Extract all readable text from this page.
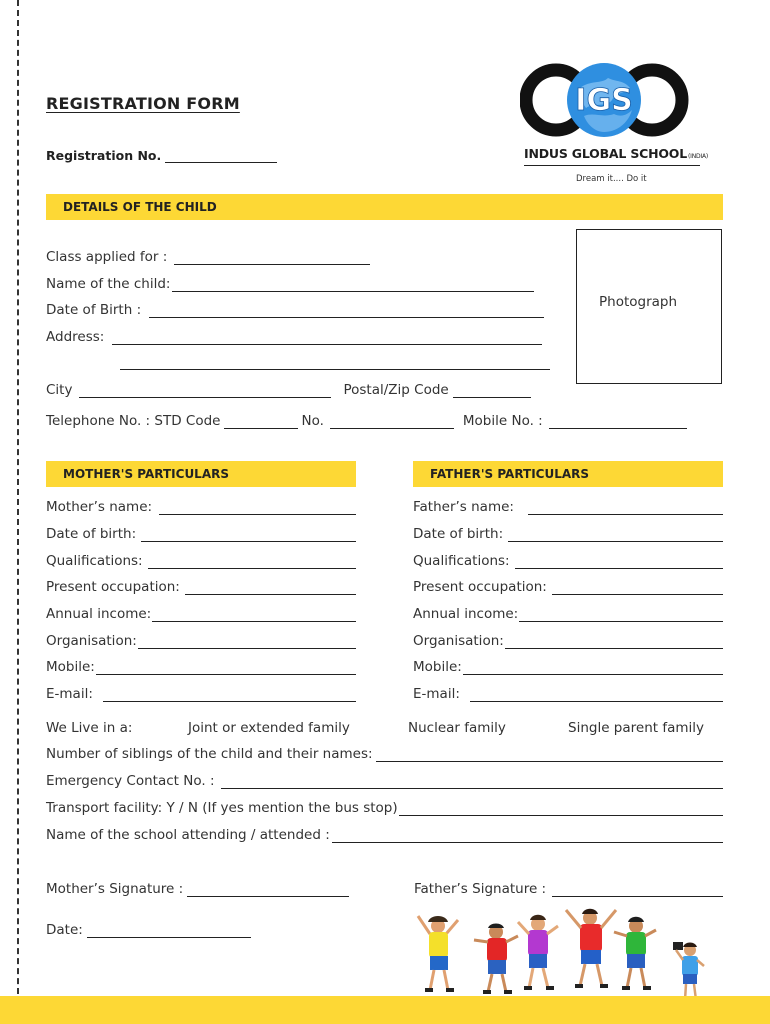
REGISTRATION FORM
Registration No.
IGS
INDUS GLOBAL SCHOOL(INDIA)
Dream it.... Do it
DETAILS OF THE CHILD
Class applied for :
Name of the child:
Date of Birth :
Address:
City	Postal/Zip Code
Photograph
Telephone No. : STD Code	No.	Mobile No. :
MOTHER'S PARTICULARS	FATHER'S PARTICULARS
Mother’s name:
Date of birth:
Qualifications:
Present occupation:
Annual income:
Organisation:
Mobile:
E-mail:
Father’s name:
Date of birth:
Qualifications:
Present occupation:
Annual income:
Organisation:
Mobile:
E-mail:
We Live in a:	Joint or extended family	Nuclear family	Single parent family
Number of siblings of the child and their names:
Emergency Contact No. :
Transport facility: Y / N (If yes mention the bus stop)
Name of the school attending / attended :
Mother’s Signature :	Father’s Signature :
Date:
